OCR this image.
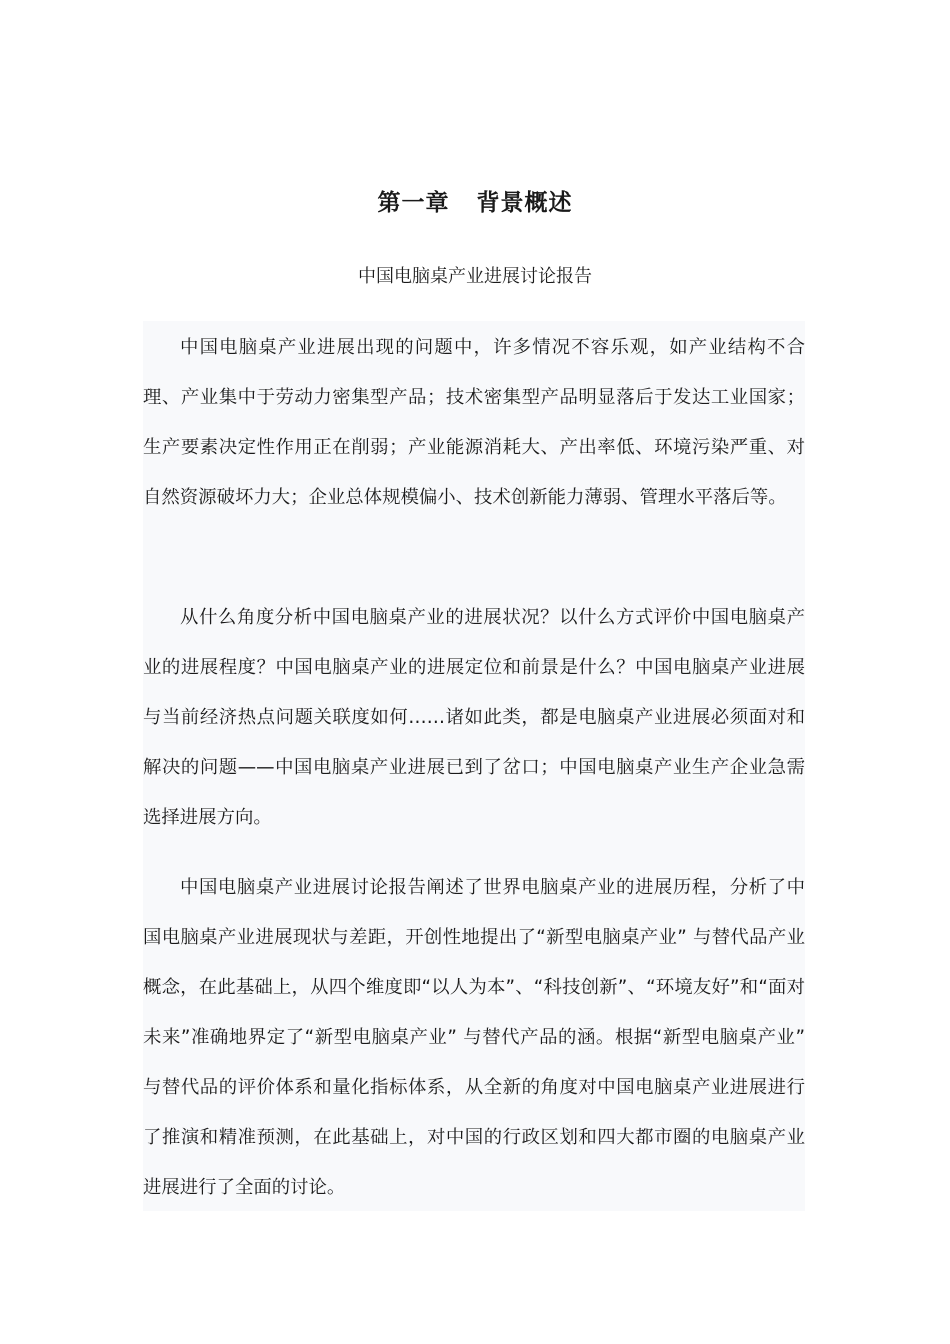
第一章   背景概述

中国电脑桌产业进展讨论报告

中国电脑桌产业进展出现的问题中，许多情况不容乐观，如产业结构不合理、产业集中于劳动力密集型产品；技术密集型产品明显落后于发达工业国家；生产要素决定性作用正在削弱；产业能源消耗大、产出率低、环境污染严重、对自然资源破坏力大；企业总体规模偏小、技术创新能力薄弱、管理水平落后等。

从什么角度分析中国电脑桌产业的进展状况？以什么方式评价中国电脑桌产业的进展程度？中国电脑桌产业的进展定位和前景是什么？中国电脑桌产业进展与当前经济热点问题关联度如何……诸如此类，都是电脑桌产业进展必须面对和解决的问题——中国电脑桌产业进展已到了岔口；中国电脑桌产业生产企业急需选择进展方向。

中国电脑桌产业进展讨论报告阐述了世界电脑桌产业的进展历程，分析了中国电脑桌产业进展现状与差距，开创性地提出了“新型电脑桌产业” 与替代品产业概念，在此基础上，从四个维度即“以人为本”、“科技创新”、“环境友好”和“面对未来”准确地界定了“新型电脑桌产业” 与替代产品的涵。根据“新型电脑桌产业” 与替代品的评价体系和量化指标体系，从全新的角度对中国电脑桌产业进展进行了推演和精准预测，在此基础上，对中国的行政区划和四大都市圈的电脑桌产业进展进行了全面的讨论。
